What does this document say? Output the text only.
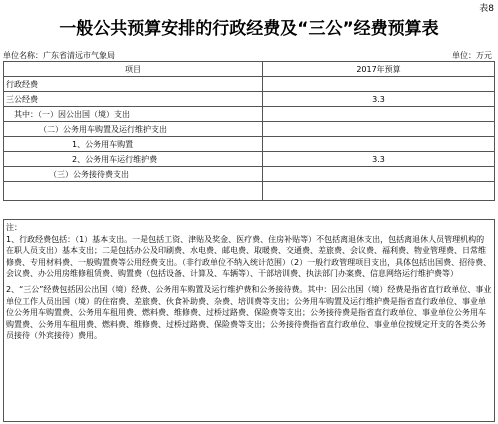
表8
一般公共预算安排的行政经费及“三公”经费预算表
单位名称：广东省清远市气象局	单位：万元
项目	2017年预算
行政经费	
三公经费	3.3
其中：（一）因公出国（境）支出	
（二）公务用车购置及运行维护支出	
1、公务用车购置	
2、公务用车运行维护费	3.3
（三）公务接待费支出	

注：

1、行政经费包括：（1）基本支出。一是包括工资、津贴及奖金、医疗费、住房补贴等）不包括离退休支出，包括离退休人员管理机构的在职人员支出）基本支出；二是包括办公及印刷费、水电费、邮电费、取暖费、交通费、差旅费、会议费、福利费、物业管理费、日常维修费、专用材料费、一般购置费等公用经费支出。（非行政单位不纳入统计范围）（2）一般行政管理项目支出，具体包括出国费、招待费、会议费、办公用房维修租赁费、购置费（包括设备、计算及、车辆等）、干部培训费、执法部门办案费、信息网络运行维护费等）

2、“三公”经费包括因公出国（境）经费、公务用车购置及运行维护费和公务接待费。其中：因公出国（境）经费是指省直行政单位、事业单位工作人员出国（境）的住宿费、差旅费、伙食补助费、杂费、培训费等支出；公务用车购置及运行维护费是指省直行政单位、事业单位公务用车购置费、公务用车租用费、燃料费、维修费、过桥过路费、保险费等支出；公务接待费是指省直行政单位、事业单位公务用车购置费、公务用车租用费、燃料费、维修费、过桥过路费、保险费等支出；公务接待费指省直行政单位、事业单位按规定开支的各类公务员接待（外宾接待）费用。
